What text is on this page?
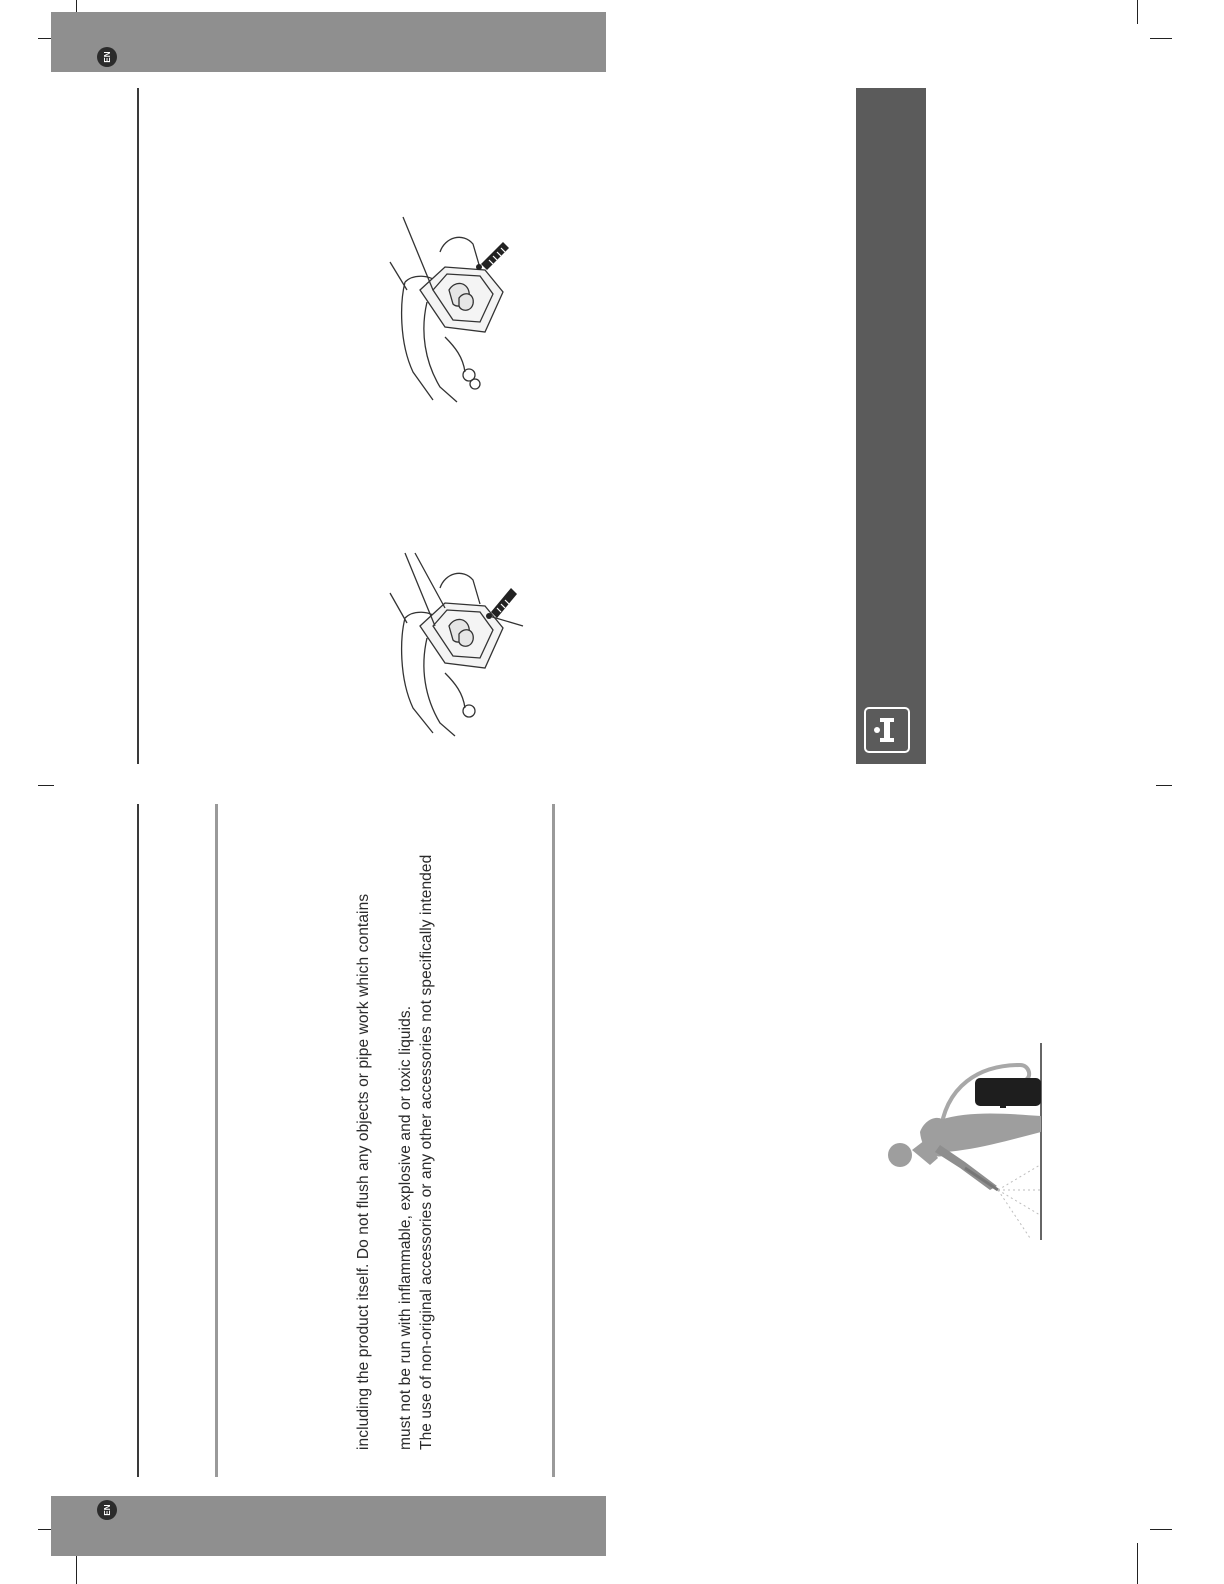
EN
EN
including the product itself. Do not flush any objects or pipe work which contains must not be run with inflammable, explosive and or toxic liquids. The use of non-original accessories or any other accessories not specifically intended
